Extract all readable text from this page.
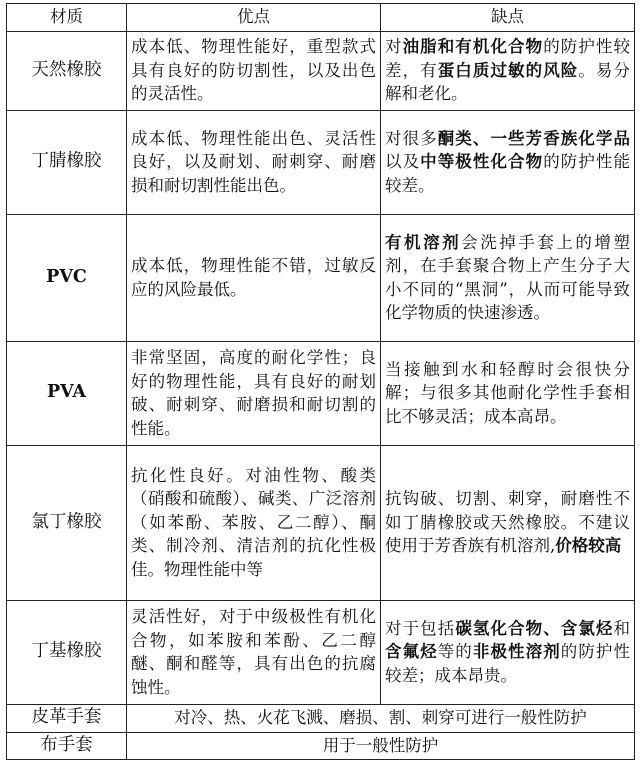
材质	优点	缺点
天然橡胶	成本低、物理性能好，重型款式具有良好的防切割性，以及出色的灵活性。	对油脂和有机化合物的防护性较差，有蛋白质过敏的风险。易分解和老化。
丁腈橡胶	成本低、物理性能出色、灵活性良好，以及耐划、耐刺穿、耐磨损和耐切割性能出色。	对很多酮类、一些芳香族化学品以及中等极性化合物的防护性能较差。
PVC	成本低，物理性能不错，过敏反应的风险最低。	有机溶剂会洗掉手套上的增塑剂，在手套聚合物上产生分子大小不同的“黑洞”，从而可能导致化学物质的快速渗透。
PVA	非常坚固，高度的耐化学性；良好的物理性能，具有良好的耐划破、耐刺穿、耐磨损和耐切割的性能。	当接触到水和轻醇时会很快分解；与很多其他耐化学性手套相比不够灵活；成本高昂。
氯丁橡胶	抗化性良好。对油性物、酸类（硝酸和硫酸）、碱类、广泛溶剂（如苯酚、苯胺、乙二醇）、酮类、制冷剂、清洁剂的抗化性极佳。物理性能中等	抗钩破、切割、刺穿，耐磨性不如丁腈橡胶或天然橡胶。不建议使用于芳香族有机溶剂,价格较高
丁基橡胶	灵活性好，对于中级极性有机化合物，如苯胺和苯酚、乙二醇醚、酮和醛等，具有出色的抗腐蚀性。	对于包括碳氢化合物、含氯烃和含氟烃等的非极性溶剂的防护性较差；成本昂贵。
皮革手套	对冷、热、火花飞溅、磨损、割、刺穿可进行一般性防护	
布手套	用于一般性防护	
